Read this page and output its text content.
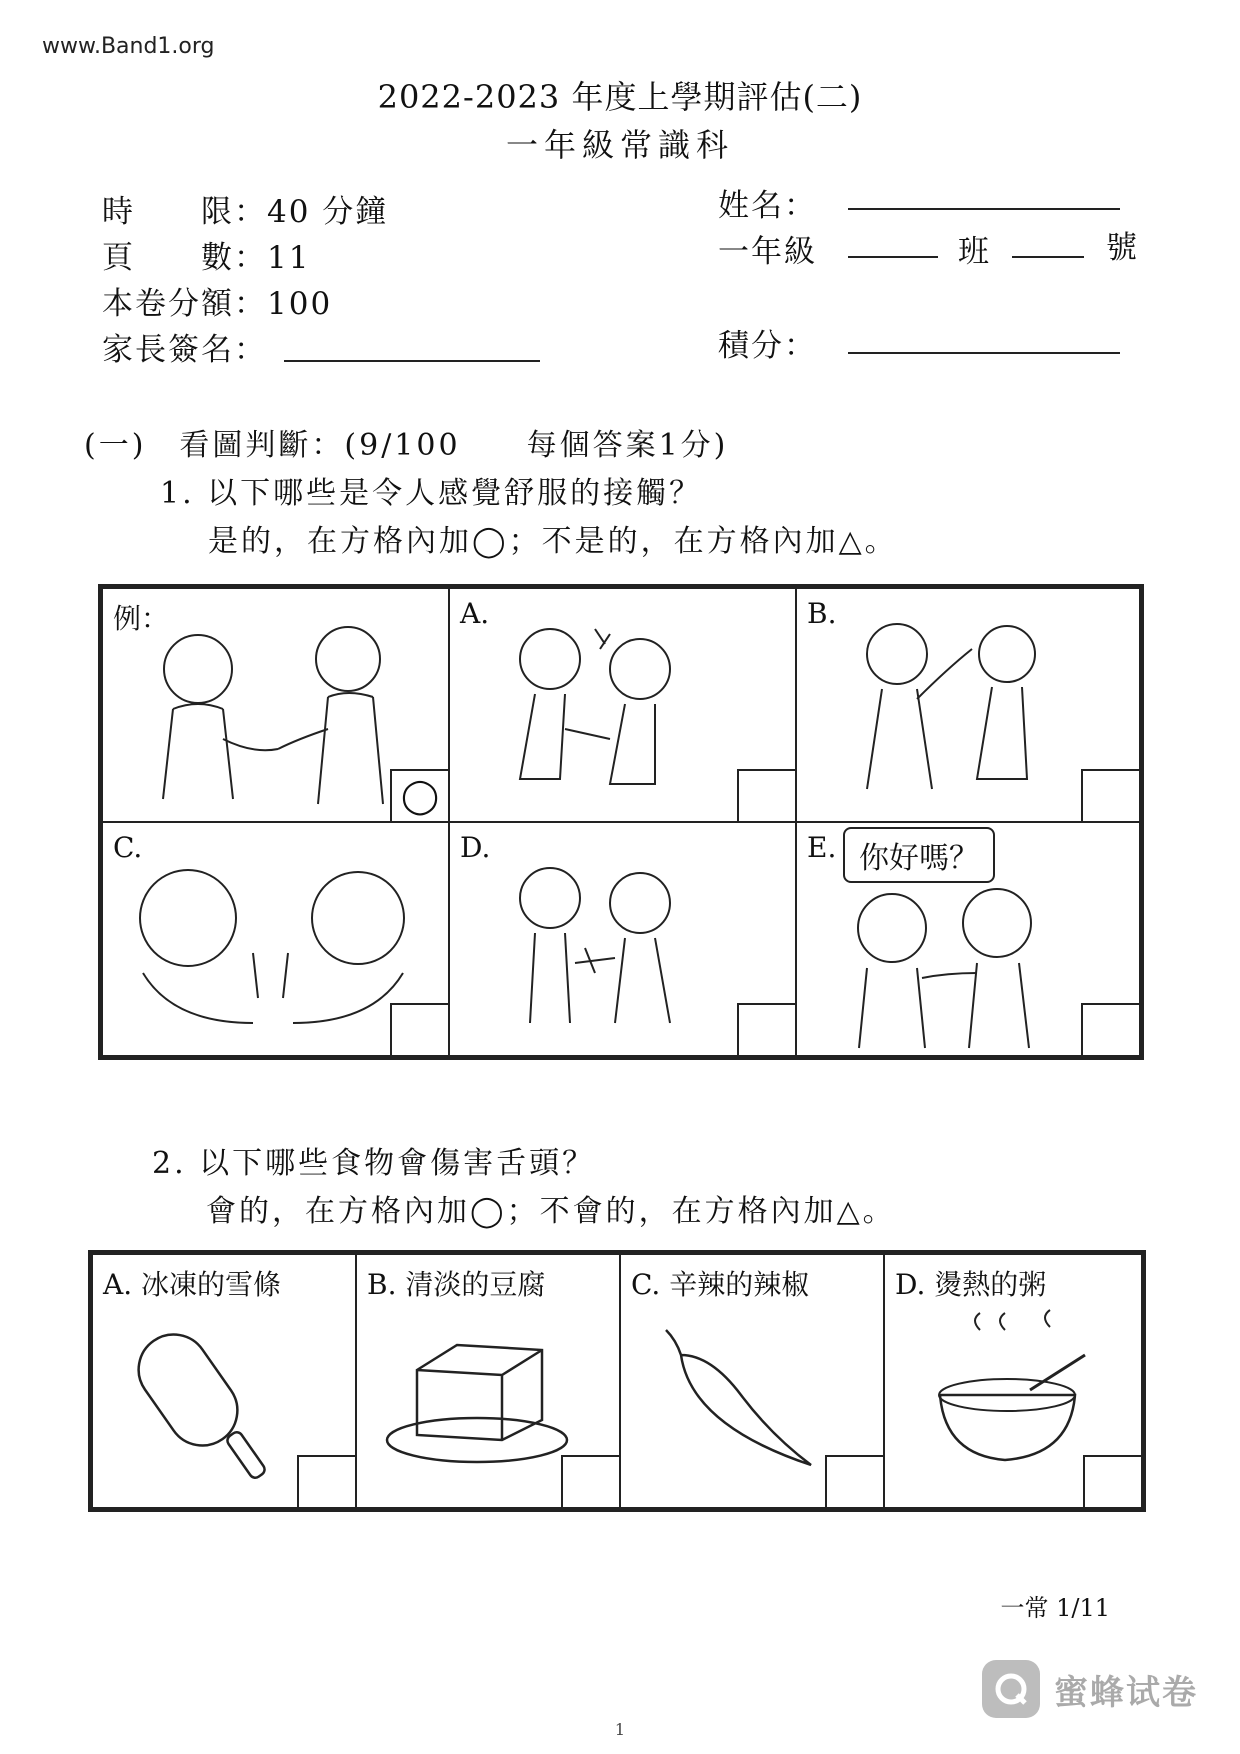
www.Band1.org
2022-2023 年度上學期評估(二)
一年級常識科
時　　限：40 分鐘
頁　　數：11
本卷分額：100
家長簽名：
姓名：
一年級	班	號
積分：
(一)　看圖判斷：(9/100　　每個答案1分)
1. 以下哪些是令人感覺舒服的接觸？
是的，在方格內加◯；不是的，在方格內加△。
例：
◯
A.	B.
C.	D.	E. 你好嗎？
2. 以下哪些食物會傷害舌頭？
會的，在方格內加◯；不會的，在方格內加△。
A. 冰凍的雪條	B. 清淡的豆腐	C. 辛辣的辣椒	D. 燙熱的粥
一常 1/11
蜜蜂试卷
1
